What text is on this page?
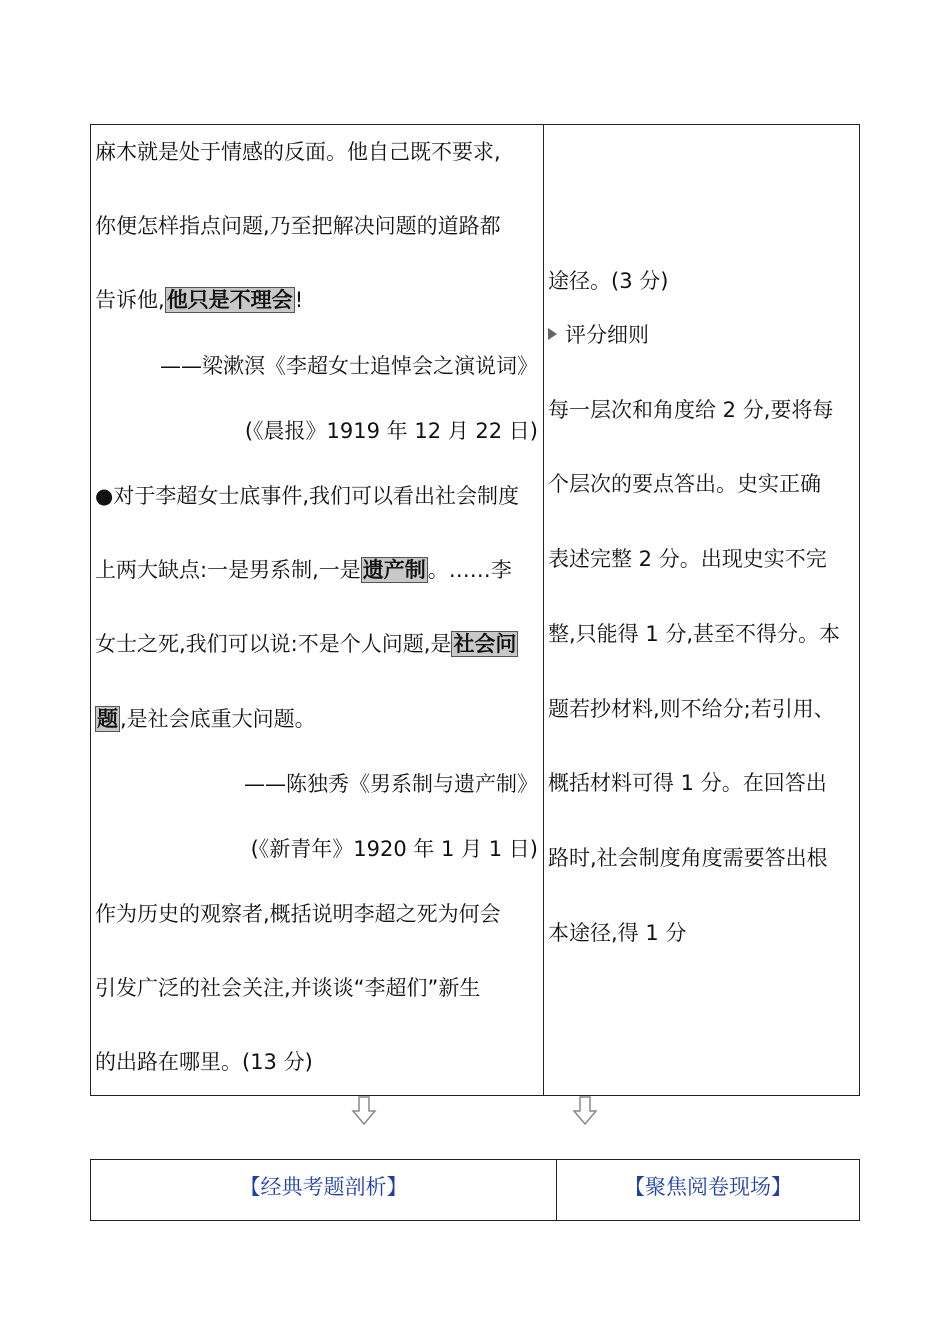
麻木就是处于情感的反面。他自己既不要求,
你便怎样指点问题,乃至把解决问题的道路都
告诉他,他只是不理会!
——梁漱溟《李超女士追悼会之演说词》
(《晨报》1919 年 12 月 22 日)
●对于李超女士底事件,我们可以看出社会制度
上两大缺点:一是男系制,一是遗产制。……李
女士之死,我们可以说:不是个人问题,是社会问
题,是社会底重大问题。
——陈独秀《男系制与遗产制》
(《新青年》1920 年 1 月 1 日)
作为历史的观察者,概括说明李超之死为何会
引发广泛的社会关注,并谈谈“李超们”新生
的出路在哪里。(13 分)
途径。(3 分)
评分细则
每一层次和角度给 2 分,要将每
个层次的要点答出。史实正确
表述完整 2 分。出现史实不完
整,只能得 1 分,甚至不得分。本
题若抄材料,则不给分;若引用、
概括材料可得 1 分。在回答出
路时,社会制度角度需要答出根
本途径,得 1 分
【经典考题剖析】	【聚焦阅卷现场】
